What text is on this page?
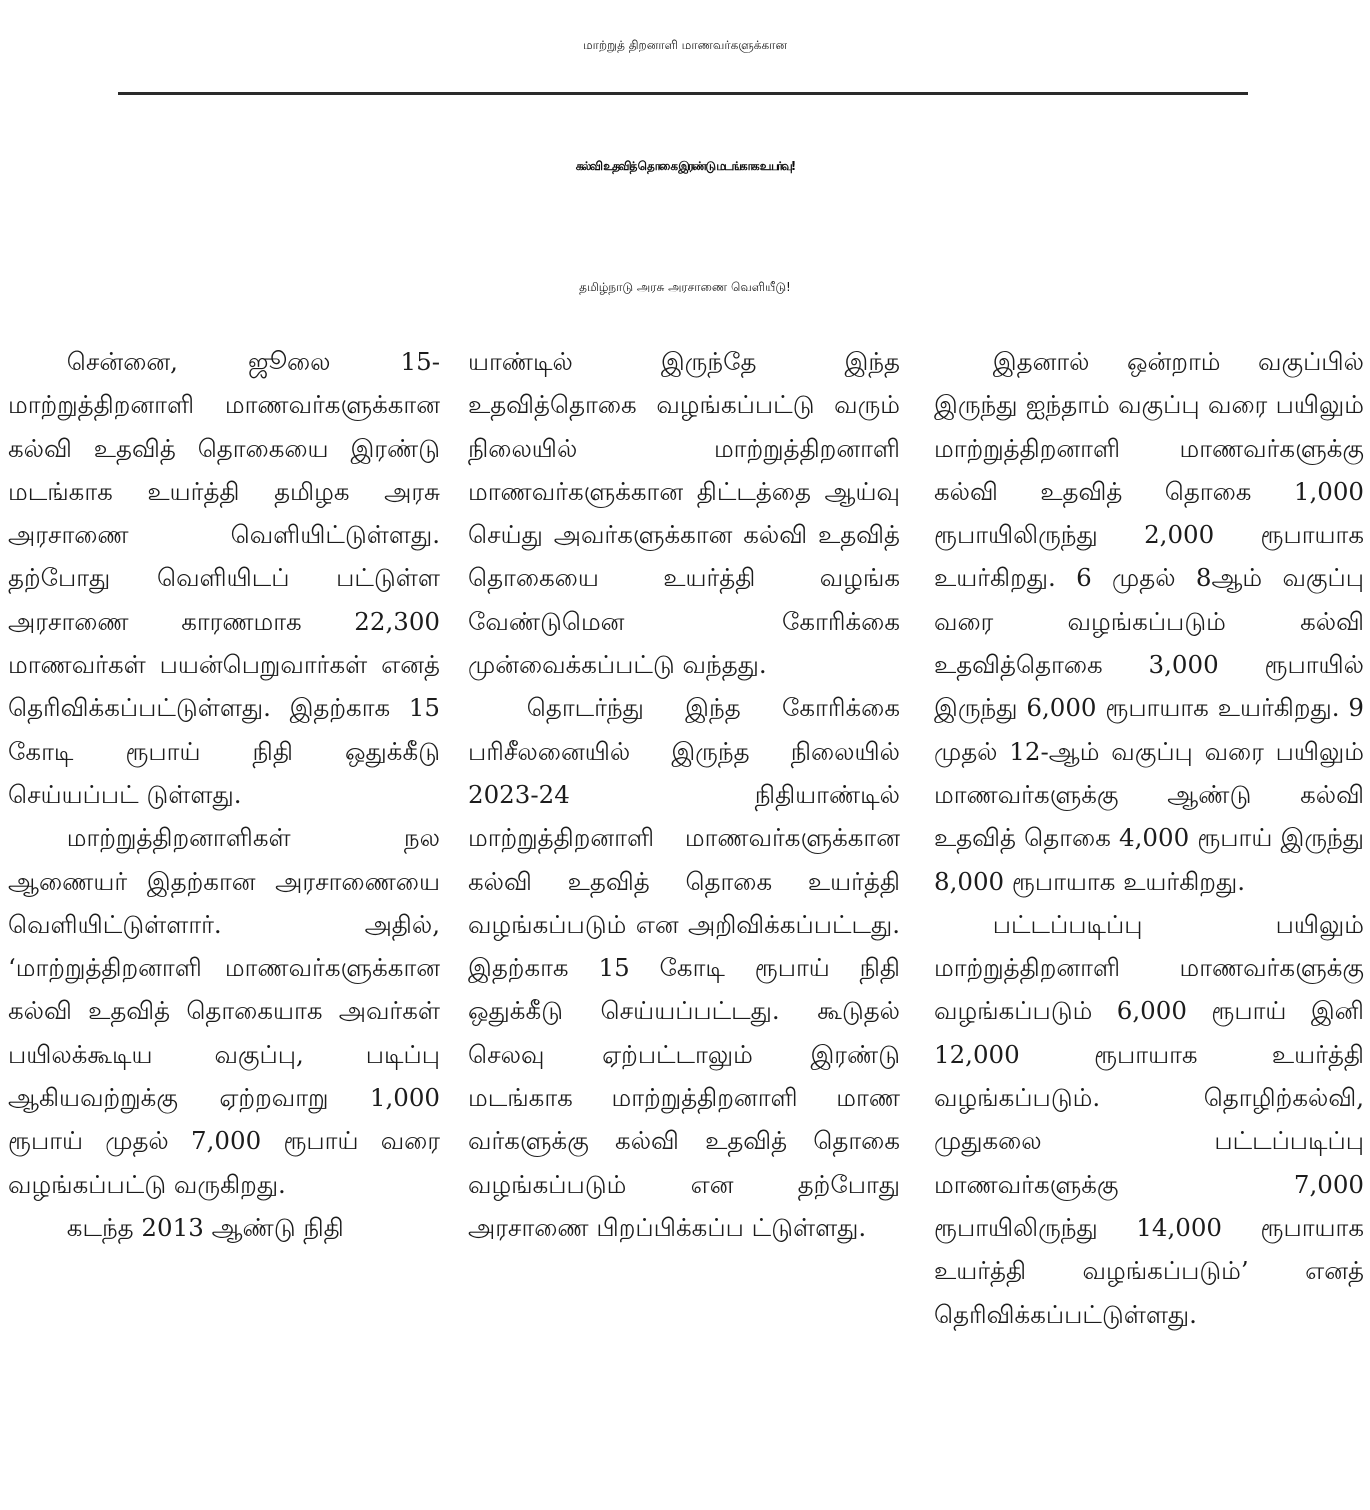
மாற்றுத் திறனாளி மாணவர்களுக்கான
கல்வி உதவித் தொகை இரண்டு மடங்காக உயர்வு!
தமிழ்நாடு அரசு அரசாணை வெளியீடு!

சென்னை, ஜூலை 15- மாற்றுத்திறனாளி மாணவர்களுக்கான கல்வி உதவித் தொகையை இரண்டு மடங்காக உயர்த்தி தமிழக அரசு அரசாணை வெளியிட்டுள்ளது. தற்போது வெளியிடப் பட்டுள்ள அரசாணை காரணமாக 22,300 மாணவர்கள் பயன்பெறுவார்கள் எனத் தெரிவிக்கப்பட்டுள்ளது. இதற்காக 15 கோடி ரூபாய் நிதி ஒதுக்கீடு செய்யப்பட் டுள்ளது.

மாற்றுத்திறனாளிகள் நல ஆணையர் இதற்கான அரசாணையை வெளியிட்டுள்ளார். அதில், ‘மாற்றுத்திறனாளி மாணவர்களுக்கான கல்வி உதவித் தொகையாக அவர்கள் பயிலக்கூடிய வகுப்பு, படிப்பு ஆகியவற்றுக்கு ஏற்றவாறு 1,000 ரூபாய் முதல் 7,000 ரூபாய் வரை வழங்கப்பட்டு வருகிறது.

கடந்த 2013 ஆண்டு நிதி

யாண்டில் இருந்தே இந்த உதவித்தொகை வழங்கப்பட்டு வரும் நிலையில் மாற்றுத்திறனாளி மாணவர்களுக்கான திட்டத்தை ஆய்வு செய்து அவர்களுக்கான கல்வி உதவித் தொகையை உயர்த்தி வழங்க வேண்டுமென கோரிக்கை முன்வைக்கப்பட்டு வந்தது.

தொடர்ந்து இந்த கோரிக்கை பரிசீலனையில் இருந்த நிலையில் 2023-24 நிதியாண்டில் மாற்றுத்திறனாளி மாணவர்களுக்கான கல்வி உதவித் தொகை உயர்த்தி வழங்கப்படும் என அறிவிக்கப்பட்டது. இதற்காக 15 கோடி ரூபாய் நிதி ஒதுக்கீடு செய்யப்பட்டது. கூடுதல் செலவு ஏற்பட்டாலும் இரண்டு மடங்காக மாற்றுத்திறனாளி மாண வர்களுக்கு கல்வி உதவித் தொகை வழங்கப்படும் என தற்போது அரசாணை பிறப்பிக்கப்ப ட்டுள்ளது.

இதனால் ஒன்றாம் வகுப்பில் இருந்து ஐந்தாம் வகுப்பு வரை பயிலும் மாற்றுத்திறனாளி மாணவர்களுக்கு கல்வி உதவித் தொகை 1,000 ரூபாயிலிருந்து 2,000 ரூபாயாக உயர்கிறது. 6 முதல் 8ஆம் வகுப்பு வரை வழங்கப்படும் கல்வி உதவித்தொகை 3,000 ரூபாயில் இருந்து 6,000 ரூபாயாக உயர்கிறது. 9 முதல் 12-ஆம் வகுப்பு வரை பயிலும் மாணவர்களுக்கு ஆண்டு கல்வி உதவித் தொகை 4,000 ரூபாய் இருந்து 8,000 ரூபாயாக உயர்கிறது.

பட்டப்படிப்பு பயிலும் மாற்றுத்திறனாளி மாணவர்களுக்கு வழங்கப்படும் 6,000 ரூபாய் இனி 12,000 ரூபாயாக உயர்த்தி வழங்கப்படும். தொழிற்கல்வி, முதுகலை பட்டப்படிப்பு மாணவர்களுக்கு 7,000 ரூபாயிலிருந்து 14,000 ரூபாயாக உயர்த்தி வழங்கப்படும்’ எனத் தெரிவிக்கப்பட்டுள்ளது.
